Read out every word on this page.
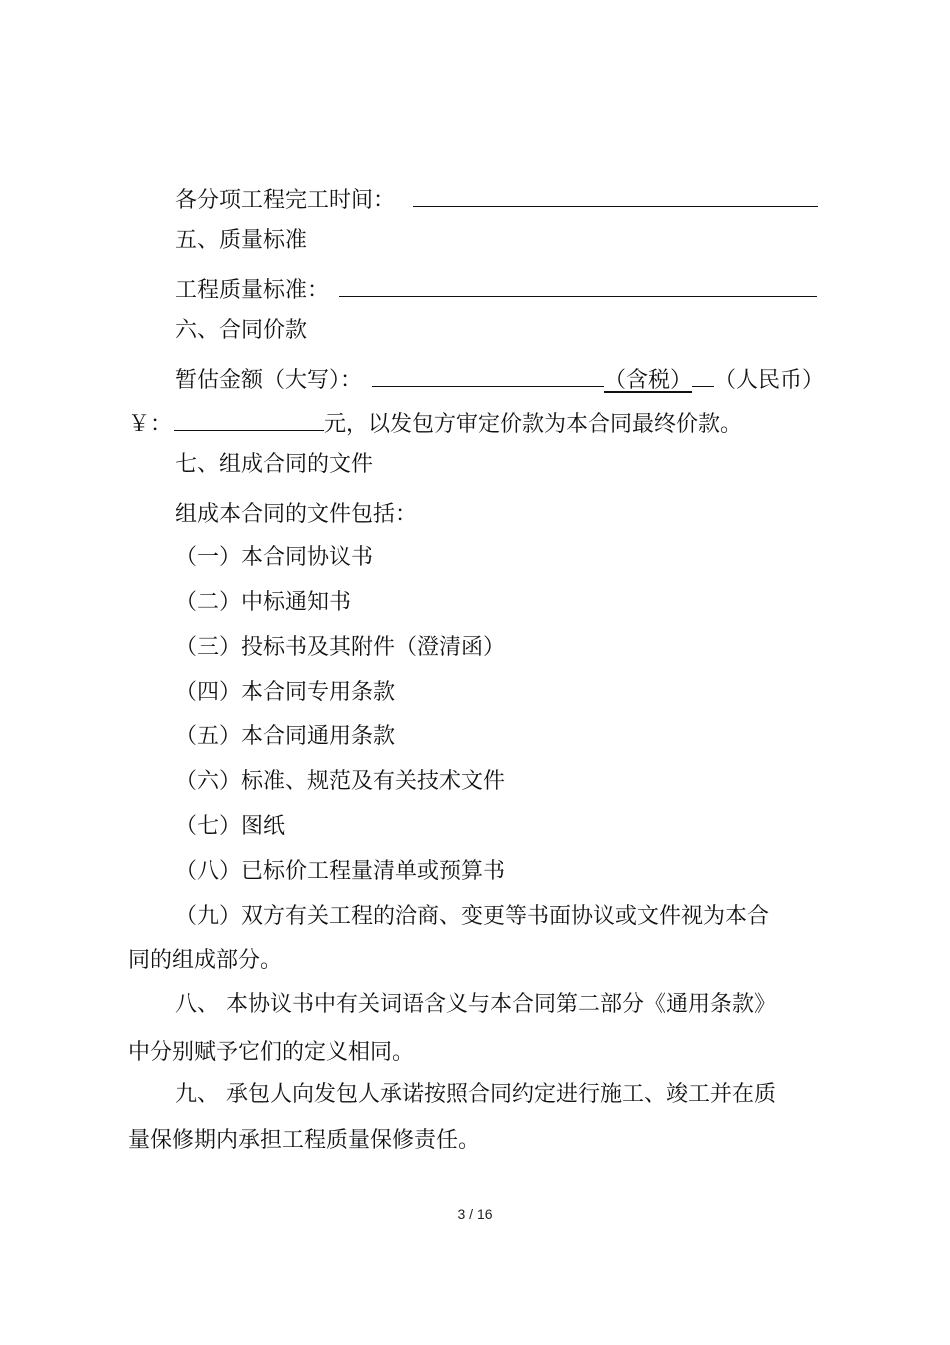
各分项工程完工时间：
五、质量标准
工程质量标准：
六、合同价款
暂估金额（大写）：	（含税） （人民币）
￥：	元，以发包方审定价款为本合同最终价款。
七、组成合同的文件
组成本合同的文件包括：
（一）本合同协议书
（二）中标通知书
（三）投标书及其附件（澄清函）
（四）本合同专用条款
（五）本合同通用条款
（六）标准、规范及有关技术文件
（七）图纸
（八）已标价工程量清单或预算书
（九）双方有关工程的洽商、变更等书面协议或文件视为本合
同的组成部分。
八、 本协议书中有关词语含义与本合同第二部分《通用条款》
中分别赋予它们的定义相同。
九、 承包人向发包人承诺按照合同约定进行施工、竣工并在质
量保修期内承担工程质量保修责任。
3 / 16
